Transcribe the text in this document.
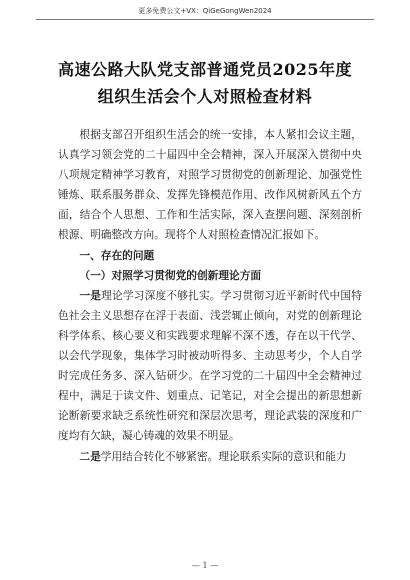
更多免费公文+VX：QiGeGongWen2024
高速公路大队党支部普通党员2025年度
组织生活会个人对照检查材料

根据支部召开组织生活会的统一安排，本人紧扣会议主题，认真学习领会党的二十届四中全会精神，深入开展深入贯彻中央八项规定精神学习教育，对照学习贯彻党的创新理论、加强党性锤炼、联系服务群众、发挥先锋模范作用、改作风树新风五个方面，结合个人思想、工作和生活实际，深入查摆问题、深刻剖析根源、明确整改方向。现将个人对照检查情况汇报如下。

一、存在的问题

（一）对照学习贯彻党的创新理论方面

一是理论学习深度不够扎实。学习贯彻习近平新时代中国特色社会主义思想存在浮于表面、浅尝辄止倾向，对党的创新理论科学体系、核心要义和实践要求理解不深不透，存在以干代学、以会代学现象，集体学习时被动听得多、主动思考少，个人自学时完成任务多、深入钻研少。在学习党的二十届四中全会精神过程中，满足于读文件、划重点、记笔记，对全会提出的新思想新论断新要求缺乏系统性研究和深层次思考，理论武装的深度和广度均有欠缺，凝心铸魂的效果不明显。

二是学用结合转化不够紧密。理论联系实际的意识和能力

— 1 —
